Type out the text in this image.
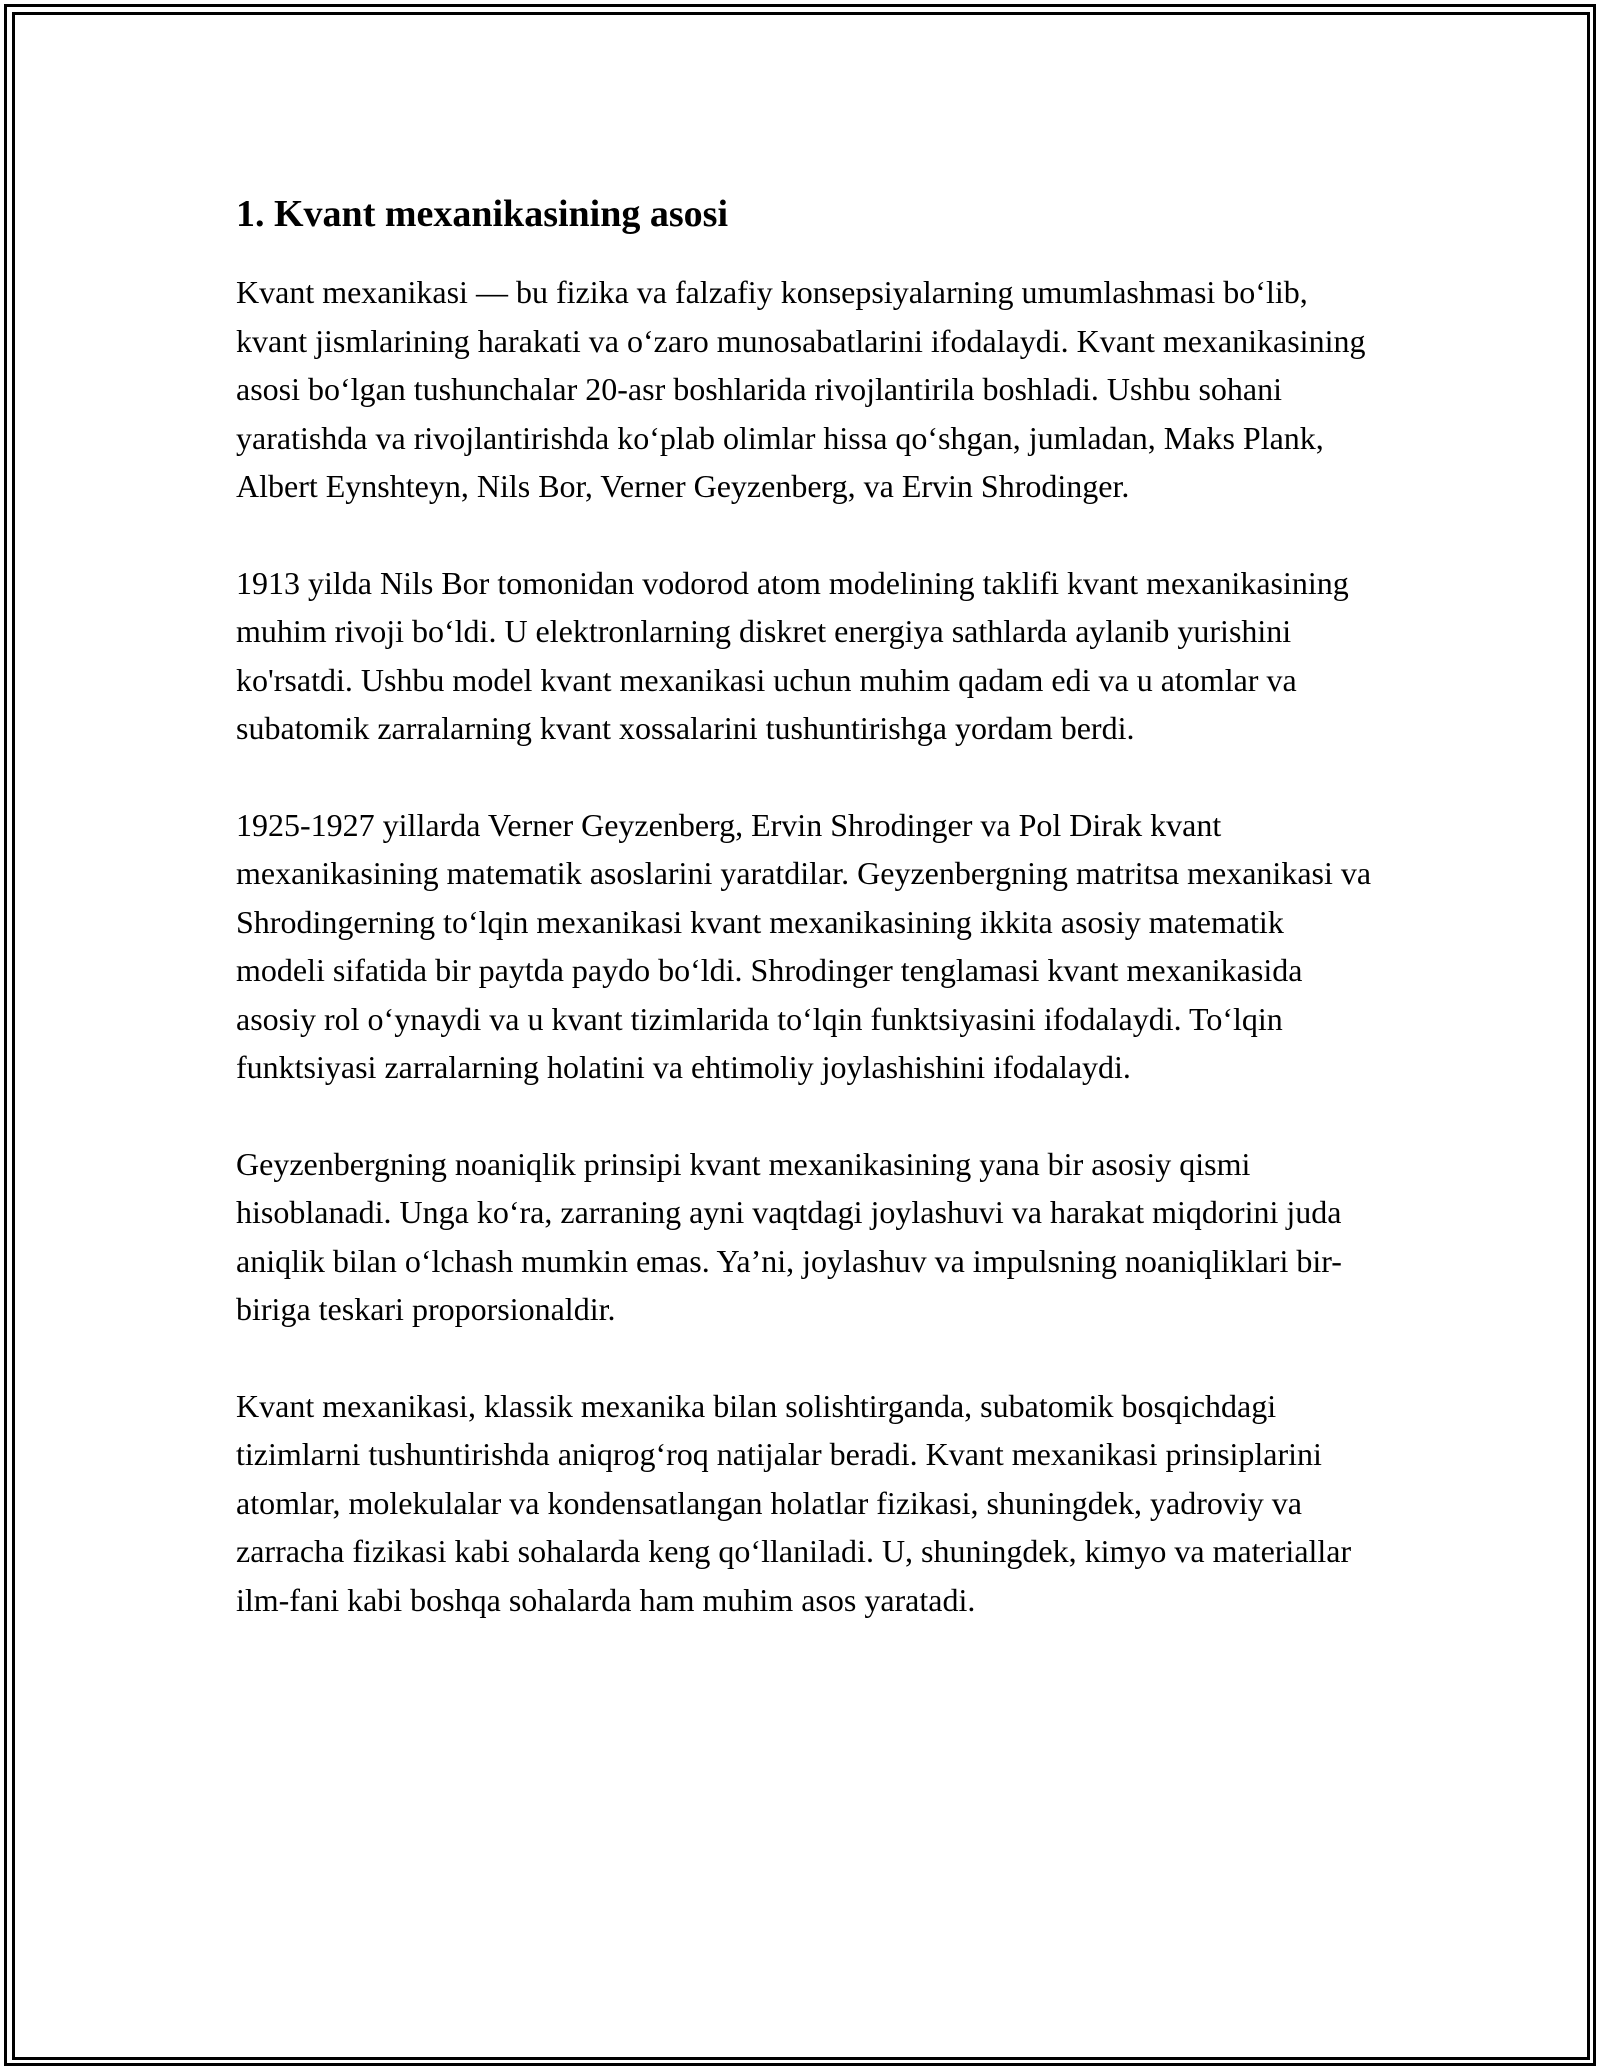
1. Kvant mexanikasining asosi

Kvant mexanikasi — bu fizika va falzafiy konsepsiyalarning umumlashmasi bo‘lib, kvant jismlarining harakati va o‘zaro munosabatlarini ifodalaydi. Kvant mexanikasining asosi bo‘lgan tushunchalar 20-asr boshlarida rivojlantirila boshladi. Ushbu sohani yaratishda va rivojlantirishda ko‘plab olimlar hissa qo‘shgan, jumladan, Maks Plank, Albert Eynshteyn, Nils Bor, Verner Geyzenberg, va Ervin Shrodinger.

1913 yilda Nils Bor tomonidan vodorod atom modelining taklifi kvant mexanikasining muhim rivoji bo‘ldi. U elektronlarning diskret energiya sathlarda aylanib yurishini ko'rsatdi. Ushbu model kvant mexanikasi uchun muhim qadam edi va u atomlar va subatomik zarralarning kvant xossalarini tushuntirishga yordam berdi.

1925-1927 yillarda Verner Geyzenberg, Ervin Shrodinger va Pol Dirak kvant mexanikasining matematik asoslarini yaratdilar. Geyzenbergning matritsa mexanikasi va Shrodingerning to‘lqin mexanikasi kvant mexanikasining ikkita asosiy matematik modeli sifatida bir paytda paydo bo‘ldi. Shrodinger tenglamasi kvant mexanikasida asosiy rol o‘ynaydi va u kvant tizimlarida to‘lqin funktsiyasini ifodalaydi. To‘lqin funktsiyasi zarralarning holatini va ehtimoliy joylashishini ifodalaydi.

Geyzenbergning noaniqlik prinsipi kvant mexanikasining yana bir asosiy qismi hisoblanadi. Unga ko‘ra, zarraning ayni vaqtdagi joylashuvi va harakat miqdorini juda aniqlik bilan o‘lchash mumkin emas. Ya’ni, joylashuv va impulsning noaniqliklari bir-biriga teskari proporsionaldir.

Kvant mexanikasi, klassik mexanika bilan solishtirganda, subatomik bosqichdagi tizimlarni tushuntirishda aniqrog‘roq natijalar beradi. Kvant mexanikasi prinsiplarini atomlar, molekulalar va kondensatlangan holatlar fizikasi, shuningdek, yadroviy va zarracha fizikasi kabi sohalarda keng qo‘llaniladi. U, shuningdek, kimyo va materiallar ilm-fani kabi boshqa sohalarda ham muhim asos yaratadi.
